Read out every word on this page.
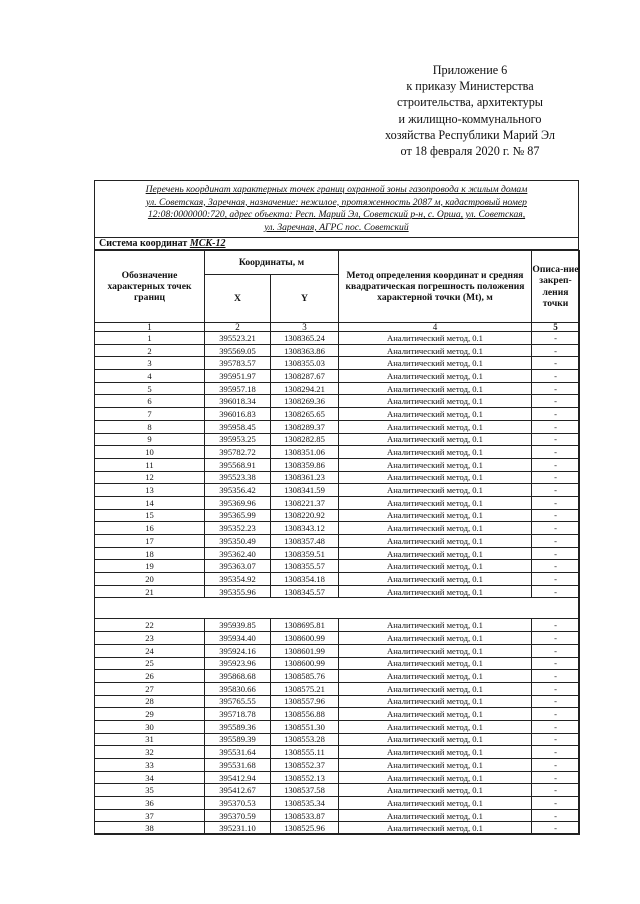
Приложение 6
к приказу Министерства
строительства, архитектуры
и жилищно-коммунального
хозяйства Республики Марий Эл
от 18 февраля 2020 г. № 87
Перечень координат характерных точек границ охранной зоны газопровода к жилым домам
ул. Советская, Заречная, назначение: нежилое, протяженность 2087 м, кадастровый номер
12:08:0000000:720, адрес объекта: Респ. Марий Эл, Советский р-н, с. Орша, ул. Советская,
ул. Заречная, АГРС пос. Советский
Система координат МСК-12
Обозначение характерных точек границ	Координаты, м		Метод определения координат и средняя квадратическая погрешность положения характерной точки (Mt), м	Описа-ние закреп-ления точки
	X	Y		
1	2	3	4	5
1	395523.21	1308365.24	Аналитический метод, 0.1	-
2	395569.05	1308363.86	Аналитический метод, 0.1	-
3	395783.57	1308355.03	Аналитический метод, 0.1	-
4	395951.97	1308287.67	Аналитический метод, 0.1	-
5	395957.18	1308294.21	Аналитический метод, 0.1	-
6	396018.34	1308269.36	Аналитический метод, 0.1	-
7	396016.83	1308265.65	Аналитический метод, 0.1	-
8	395958.45	1308289.37	Аналитический метод, 0.1	-
9	395953.25	1308282.85	Аналитический метод, 0.1	-
10	395782.72	1308351.06	Аналитический метод, 0.1	-
11	395568.91	1308359.86	Аналитический метод, 0.1	-
12	395523.38	1308361.23	Аналитический метод, 0.1	-
13	395356.42	1308341.59	Аналитический метод, 0.1	-
14	395369.96	1308221.37	Аналитический метод, 0.1	-
15	395365.99	1308220.92	Аналитический метод, 0.1	-
16	395352.23	1308343.12	Аналитический метод, 0.1	-
17	395350.49	1308357.48	Аналитический метод, 0.1	-
18	395362.40	1308359.51	Аналитический метод, 0.1	-
19	395363.07	1308355.57	Аналитический метод, 0.1	-
20	395354.92	1308354.18	Аналитический метод, 0.1	-
21	395355.96	1308345.57	Аналитический метод, 0.1	-

22	395939.85	1308695.81	Аналитический метод, 0.1	-
23	395934.40	1308600.99	Аналитический метод, 0.1	-
24	395924.16	1308601.99	Аналитический метод, 0.1	-
25	395923.96	1308600.99	Аналитический метод, 0.1	-
26	395868.68	1308585.76	Аналитический метод, 0.1	-
27	395830.66	1308575.21	Аналитический метод, 0.1	-
28	395765.55	1308557.96	Аналитический метод, 0.1	-
29	395718.78	1308556.88	Аналитический метод, 0.1	-
30	395589.36	1308551.30	Аналитический метод, 0.1	-
31	395589.39	1308553.28	Аналитический метод, 0.1	-
32	395531.64	1308555.11	Аналитический метод, 0.1	-
33	395531.68	1308552.37	Аналитический метод, 0.1	-
34	395412.94	1308552.13	Аналитический метод, 0.1	-
35	395412.67	1308537.58	Аналитический метод, 0.1	-
36	395370.53	1308535.34	Аналитический метод, 0.1	-
37	395370.59	1308533.87	Аналитический метод, 0.1	-
38	395231.10	1308525.96	Аналитический метод, 0.1	-
